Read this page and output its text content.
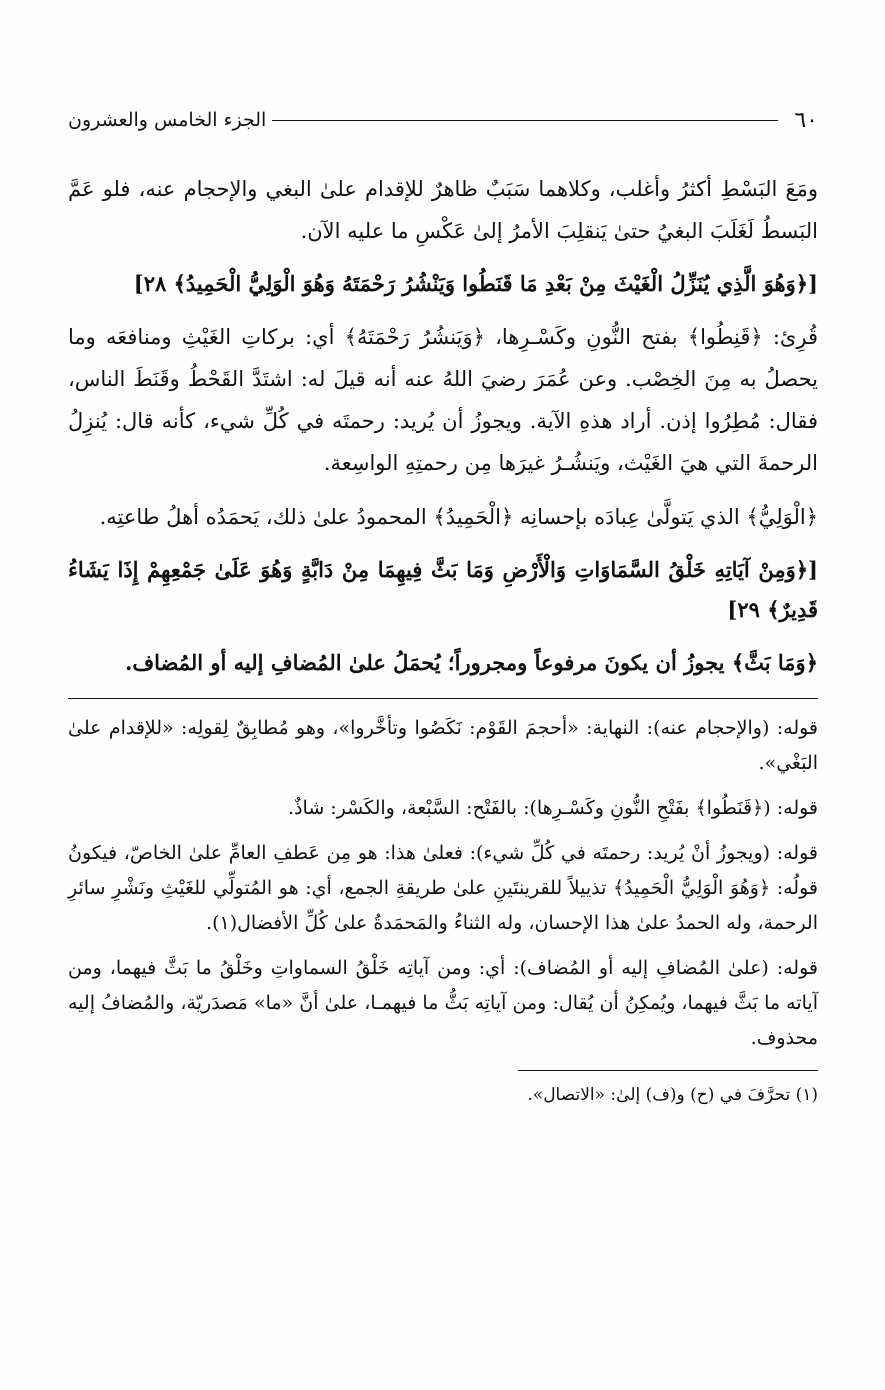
٦٠
الجزء الخامس والعشرون

ومَعَ البَسْطِ أكثرُ وأغلب، وكلاهما سَبَبٌ ظاهرٌ للإقدام علىٰ البغي والإحجام عنه، فلو عَمَّ البَسطُ لَغَلَبَ البغيُ حتىٰ يَنقلِبَ الأمرُ إلىٰ عَكْسِ ما عليه الآن.

[﴿وَهُوَ الَّذِي يُنَزِّلُ الْغَيْثَ مِنْ بَعْدِ مَا قَنَطُوا وَيَنْشُرُ رَحْمَتَهُ وَهُوَ الْوَلِيُّ الْحَمِيدُ﴾ ٢٨]

قُرِئ: ﴿قَنِطُوا﴾ بفتح النُّونِ وكَسْـرِها، ﴿وَيَنشُرُ رَحْمَتَهُ﴾ أي: بركاتِ الغَيْثِ ومنافعَه وما يحصلُ به مِنَ الخِصْب. وعن عُمَرَ رضيَ اللهُ عنه أنه قيلَ له: اشتَدَّ القَحْطُ وقَنَطَ الناس، فقال: مُطِرُوا إذن. أراد هذهِ الآية. ويجوزُ أن يُريد: رحمتَه في كُلِّ شيء، كأنه قال: يُنزِلُ الرحمةَ التي هيَ الغَيْث، ويَنشُـرُ غيرَها مِن رحمتِهِ الواسِعة.

﴿الْوَلِيُّ﴾ الذي يَتولَّىٰ عِبادَه بإحسانِه ﴿الْحَمِيدُ﴾ المحمودُ علىٰ ذلك، يَحمَدُه أهلُ طاعتِه.

[﴿وَمِنْ آيَاتِهِ خَلْقُ السَّمَاوَاتِ وَالْأَرْضِ وَمَا بَثَّ فِيهِمَا مِنْ دَابَّةٍ وَهُوَ عَلَىٰ جَمْعِهِمْ إِذَا يَشَاءُ قَدِيرٌ﴾ ٢٩]

﴿وَمَا بَثَّ﴾ يجوزُ أن يكونَ مرفوعاً ومجروراً؛ يُحمَلُ علىٰ المُضافِ إليه أو المُضاف.

قوله: (والإحجام عنه): النهاية: «أحجمَ القَوْم: نَكَصُوا وتأخَّروا»، وهو مُطابِقٌ لِقولِه: «للإقدام علىٰ البَغْي».

قوله: (﴿قَنَطُوا﴾ بفَتْحِ النُّونِ وكَسْـرِها): بالفَتْح: السَّبْعة، والكَسْر: شاذٌ.

قوله: (ويجوزُ أنْ يُريد: رحمتَه في كُلِّ شيء): فعلىٰ هذا: هو مِن عَطفِ العامِّ علىٰ الخاصّ، فيكونُ قولُه: ﴿وَهُوَ الْوَلِيُّ الْحَمِيدُ﴾ تذييلاً للقرينتَينِ علىٰ طريقةِ الجمع، أي: هو المُتولِّي للغَيْثِ ونَشْرِ سائرِ الرحمة، وله الحمدُ علىٰ هذا الإحسان، وله الثناءُ والمَحمَدةُ علىٰ كُلِّ الأفضال(١).

قوله: (علىٰ المُضافِ إليه أو المُضاف): أي: ومن آياتِه خَلْقُ السماواتِ وخَلْقُ ما بَثَّ فيهما، ومن آياته ما بَثَّ فيهما، ويُمكِنُ أن يُقال: ومن آياتِه بَثُّ ما فيهمـا، علىٰ أنَّ «ما» مَصدَريّة، والمُضافُ إليه محذوف.

(١) تحرَّفَ في (ح) و(ف) إلىٰ: «الاتصال».
